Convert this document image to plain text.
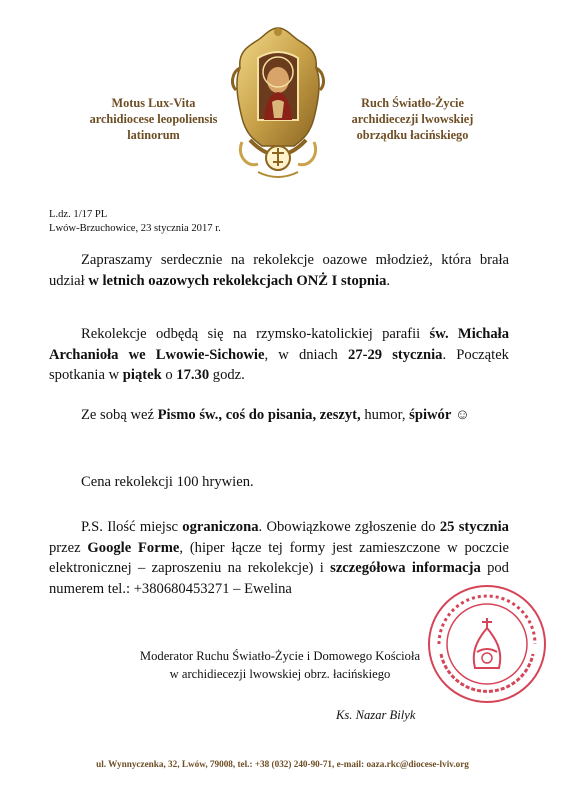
Motus Lux-Vita
archidiocese leopoliensis
latinorum
Ruch Światło-Życie
archidiecezji lwowskiej
obrządku łacińskiego
L.dz. 1/17 PL
Lwów-Brzuchowice, 23 stycznia 2017 r.

Zapraszamy serdecznie na rekolekcje oazowe młodzież, która brała udział w letnich oazowych rekolekcjach ONŻ I stopnia.

Rekolekcje odbędą się na rzymsko-katolickiej parafii św. Michała Archanioła we Lwowie-Sichowie, w dniach 27-29 stycznia. Początek spotkania w piątek o 17.30 godz.

Ze sobą weź Pismo św., coś do pisania, zeszyt, humor, śpiwór ☺

Cena rekolekcji 100 hrywien.

P.S. Ilość miejsc ograniczona. Obowiązkowe zgłoszenie do 25 stycznia przez Google Forme, (hiper łącze tej formy jest zamieszczone w poczcie elektronicznej – zaproszeniu na rekolekcje) i szczegółowa informacja pod numerem tel.: +380680453271 – Ewelina

Moderator Ruchu Światło-Życie i Domowego Kościoła
w archidiecezji lwowskiej obrz. łacińskiego
Ks. Nazar Bilyk
ul. Wynnyczenka, 32, Lwów, 79008, tel.: +38 (032) 240-90-71, e-mail: oaza.rkc@diocese-lviv.org
